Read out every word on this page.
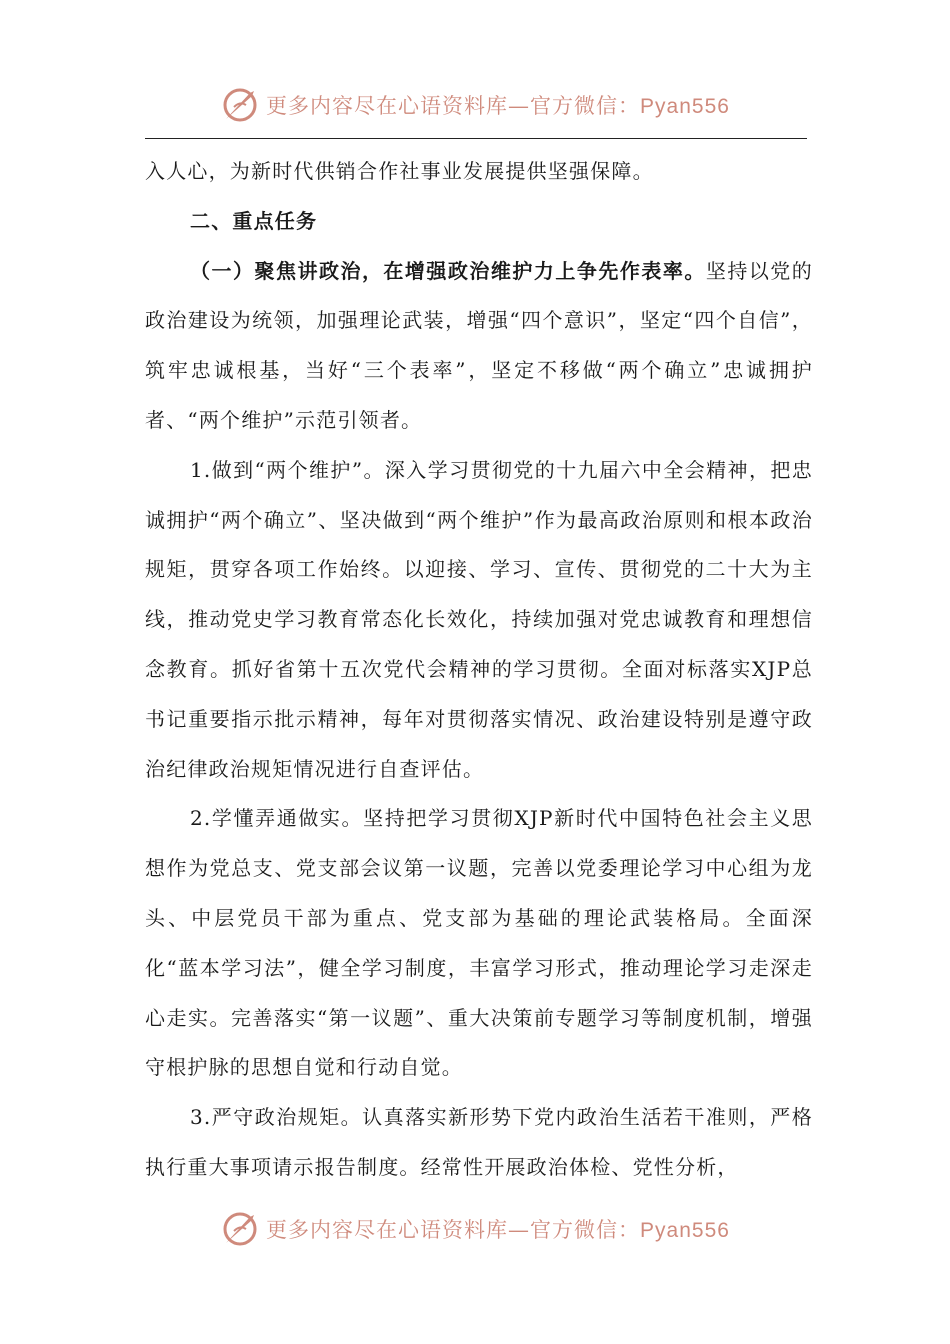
更多内容尽在心语资料库—官方微信：Pyan556

入人心，为新时代供销合作社事业发展提供坚强保障。

二、重点任务

（一）聚焦讲政治，在增强政治维护力上争先作表率。坚持以党的政治建设为统领，加强理论武装，增强“四个意识”，坚定“四个自信”，筑牢忠诚根基，当好“三个表率”，坚定不移做“两个确立”忠诚拥护者、“两个维护”示范引领者。

1.做到“两个维护”。深入学习贯彻党的十九届六中全会精神，把忠诚拥护“两个确立”、坚决做到“两个维护”作为最高政治原则和根本政治规矩，贯穿各项工作始终。以迎接、学习、宣传、贯彻党的二十大为主线，推动党史学习教育常态化长效化，持续加强对党忠诚教育和理想信念教育。抓好省第十五次党代会精神的学习贯彻。全面对标落实XJP总书记重要指示批示精神，每年对贯彻落实情况、政治建设特别是遵守政治纪律政治规矩情况进行自查评估。

2.学懂弄通做实。坚持把学习贯彻XJP新时代中国特色社会主义思想作为党总支、党支部会议第一议题，完善以党委理论学习中心组为龙头、中层党员干部为重点、党支部为基础的理论武装格局。全面深化“蓝本学习法”，健全学习制度，丰富学习形式，推动理论学习走深走心走实。完善落实“第一议题”、重大决策前专题学习等制度机制，增强守根护脉的思想自觉和行动自觉。

3.严守政治规矩。认真落实新形势下党内政治生活若干准则，严格执行重大事项请示报告制度。经常性开展政治体检、党性分析，

更多内容尽在心语资料库—官方微信：Pyan556
